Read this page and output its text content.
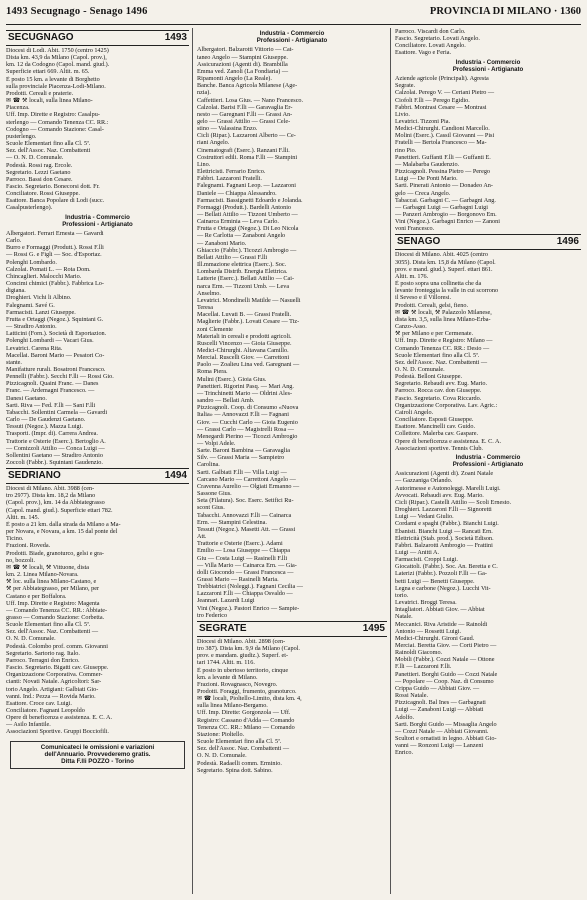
1493 Secugnago - Senago 1496	PROVINCIA DI MILANO · 1360
SECUGNAGO	1493
Diocesi di Lodi. Abit. 1750 (centro 1425)
Dista km. 43,9 da Milano (Capol. prov.),
km. 12 da Codogno (Capol. mand. giud.).
Superficie ettari 669. Altit. m. 65.
È posto 15 km. a levante di Borghetto
sulla provinciale Piacenza-Lodi-Milano.
Prodotti. Cereali e praterie.
✉ ☎ ⚒ locali, sulla linea Milano-
Piacenza.
Uff. Imp. Dirette e Registro: Casalpu-
sterlengo — Comando Tenenza CC. RR.:
Codogno — Comando Stazione: Casal-
pusterlengo.
Scuole Elementari fino alla Cl. 5ª.
Sez. dell'Assoc. Naz. Combattenti
— O. N. D. Comunale.
Podestà. Rossi rag. Ercole.
Segretario. Lezzi Gaetano
Parroco. Bassi don Cesare.
Fascio. Segretario. Bonecorsi dott. Fr.
Conciliatore. Rossi Giuseppe.
Esattore. Banca Popolare di Lodi (succ.
Casalpusterlengo).
Industria - Commercio
Professioni - Artigianato
Albergatori. Ferrari Ernesta — Gavardi
Carlo.
Burro e Formaggi (Produtt.). Rossi F.lli
— Rossi G. e Figli — Soc. d'Esportaz.
Polenghi Lombardo.
Calzolai. Pomati L. — Rota Dom.
Chincaglieri. Malocchi Mario.
Concimi chimici (Fabbr.). Fabbrica Lo-
digiana.
Droghieri. Vichi li Albino.
Falegnami. Savé G.
Farmacisti. Lanzi Giuseppe.
Frutta e Ortaggi (Negoz.). Squintani G.
— Stradiro Antonio.
Latticini (Forn.). Società di Esportazion.
Polenghi Lombardi — Vacari Gius.
Levatrici. Carena Rita.
Macellai. Baroni Mario — Pesatori Co-
stante.
Manifatture rurali. Bosatroni Francesco.
Pennelli (Fabbr.). Secchi F.lli — Rossi Gio.
Pizzicagnoli. Quaini Franc. — Danes
Franc. — Ardemagni Francesco. —
Danesi Gaetano.
Sarti. Riva — Fed. F.lli — Sani F.lli
Tabacchi. Sollentini Carmela — Gavardi
Carlo — De Gaudenzi Gaetano.
Tessuti (Negoz.). Mazza Luigi.
Trasporti. (Impr. di). Carrera Andrea.
Trattorie e Osterie (Eserc.). Bertoglio A.
— Comizzoli Attilio — Conca Luigi —
Sollentini Gaetano — Stradiro Antonio
Zoccoli (Fabbr.). Squintani Gaudenzio.
SEDRIANO	1494
Diocesi di Milano. Abit. 3988 (cen-
tro 2977). Dista km. 18,2 da Milano
(Capol. prov.), km. 14 da Abbiategrasso
(Capol. mand. giud.). Superficie ettari 782.
Altit. m. 145.
È posto a 21 km. dalla strada da Milano a Ma-
per Novara, e Novara, a km. 15 dal ponte del
Ticino.
Frazioni. Roveda.
Prodotti. Biade, granoturco, gelsi e gra-
no, bozzoli.
✉ ☎ ⚒ locali, ⚒ Vittuone, dista
km. 2. Linea Milano-Novara.
⚒ loc. sulla linea Milano-Castano, e
⚒ per Abbiategrasso, per Milano, per
Castano e per Boffalora.
Uff. Imp. Dirette e Registro: Magenta
— Comando Tenenza CC. RR.: Abbiate-
grasso — Comando Stazione: Corbetta.
Scuole Elementari fino alla Cl. 5ª.
Sez. dell'Assoc. Naz. Combattenti —
O. N. D. Comunale.
Podestà. Colombo prof. comm. Giovanni
Segretario. Sartorio rag. Italo.
Parroco. Terragni don Enrico.
Fascio. Segretario. Bigatti cav. Giuseppe.
Organizzazione Corporativa. Commer-
cianti: Novati Natale. Agricoltori: Sar-
torio Angelo. Artigiani: Galbiati Gio-
vanni. Ind.: Pezza — Rovida Mario.
Esattore. Croce cav. Luigi.
Conciliatore. Fagnani Leopoldo
Opere di beneficenza e assistenza. E. C. A.
— Asilo Infantile.
Associazioni Sportive. Gruppi Bocciofili.
Comunicateci le omissioni e variazioni
dell'Annuario. Provvederemo gratis.
Ditta F.lli POZZO - Torino
Industria - Commercio
Professioni - Artigianato
Albergatori. Balzarotti Vittorio — Cat-
taneo Angelo — Stampini Giuseppe.
Assicurazioni (Agenti di). Brambilla
Emma ved. Zanoli (La Fondiaria) —
Ripamonti Angelo (La Reale).
Banche. Banca Agricola Milanese (Age-
nzia).
Caffettieri. Losa Gius. — Nano Francesco.
Calzolai. Barisi F.lli — Garavaglia Er-
nesto — Garegnani F.lli — Grassi An-
gelo — Grassi Attilio — Grassi Cele-
stino — Valassina Enzo.
Cicli (Ripar.). Lazzaroni Alberto — Ce-
riani Angelo.
Cinematografi (Eserc.). Ranzani F.lli.
Costruttori edili. Roma F.lli — Stampini
Lino.
Elettricisti. Ferrario Enrico.
Fabbri. Lazzaroni Fratelli.
Falegnami. Fagnani Leop. — Lazzaroni
Daniele — Chiappa Alessandro.
Farmacisti. Bassignetti Edoardo e Jolanda.
Formaggi (Produtt.). Bardelli Antonio
— Bellati Attilio — Tizzoni Umberto —
Cainarca Erminia — Leva Carlo.
Frutta e Ortaggi (Negoz.). Di Leo Nicola
— Re Carlotta — Zanaboni Angelo
— Zanaboni Mario.
Ghiaccio (Fabbr.). Ticozzi Ambrogio —
Bellati Attilio — Grassi F.lli
Ill.mmazione elettrica (Eserc.). Soc.
Lombarda Distrib. Energia Elettrica.
Latterie (Eserc.). Bellati Attilio — Cai-
narca Erm. — Tizzoni Umb. — Leva
Anselmo.
Levatrici. Mondinelli Matilde — Nasuelli
Teresa
Macellai. Luvati B. — Grassi Fratelli.
Maglierie (Fabbr.). Lovati Cesare — Tiz-
zoni Clemente
Materiali in cereali e prodotti agricoli.
Ruscelli Vincenzo — Gioia Giuseppe.
Medici-Chirurghi. Altavana Camillo.
Mercial. Ruscelli Giov. — Carrettoni
Paolo — Zoalieu Lina ved. Garegnani —
Roma Piera.
Mulini (Eserc.). Gioia Gius.
Panettieri. Rigorini Pasq. — Mari Ang.
— Trinchinetti Mario — Oldrini Ales-
sandro — Bellati Amb.
Pizzicagnoli. Coop. di Consumo «Nuova
Italia» — Annovazzi F.lli — Fagnani
Giov. — Cucchi Carlo — Gioia Eugenio
— Grassi Carlo — Magistrelli Rosa —
Menegardi Pierino — Ticozzi Ambrogio
— Volpi Adele.
Sarte. Baroni Bambina — Garavaglia
Silv. — Grassi Maria — Sampietro
Carolina.
Sarti. Galbiati F.lli — Villa Luigi —
Carcano Mario — Carrettoni Angelo —
Cravenna Aurelio — Olgiati Ermanno —
Sassone Gius.
Seta (Filatura). Soc. Eserc. Setifici Ru-
scont Gius.
Tabacchi. Annovazzi F.lli — Cainarca
Erm. — Stampini Celestina.
Tessuti (Negoz.). Masetti Att. — Grassi
Att.
Trattorie e Osterie (Eserc.). Adami
Emilio — Losa Giuseppe — Chiappa
Giu — Costa Luigi — Rasinelli F.lli
— Villa Mario — Cainarca Ern. — Gia-
dolli Giocondo — Grassi Francesca —
Grassi Mario — Rasinelli Maria.
Trebbiatrici (Noleggi.). Fagnani Cecilia —
Lazzaroni F.lli — Chiappa Osvaldo —
Jeannari. Lazardi Luigi
Vini (Negoz.). Pastori Enrico — Sampie-
tro Federico
SEGRATE	1495
Diocesi di Milano. Abit. 2898 (cen-
tro 387). Dista km. 9,9 da Milano (Capol.
prov. e mandam. giudiz.). Superf. et-
tari 1744. Altit. m. 116.
È posto in ubertoso territorio, cinque
km. a levante di Milano.
Frazioni. Rovagnasco, Novegro.
Prodotti. Foraggi, frumento, granoturco.
✉ ☎ locali, Pioltello-Limito, dista km. 4,
sulla linea Milano-Bergamo.
Uff. Imp. Dirette: Gorgonzola — Uff.
Registro: Cassano d'Adda — Comando
Tenenza CC. RR.: Milano — Comando
Stazione: Pioltello.
Scuole Elementari fino alla Cl. 5ª.
Sez. dell'Assoc. Naz. Combattenti —
O. N. D. Comunale.
Podestà. Radaelli comm. Erminio.
Segretario. Spina dott. Sabino.
Parroco. Viscardi don Carlo.
Fascio. Segretario. Lovati Angelo.
Conciliatore. Lovati Angelo.
Esattore. Vago e Feria.
Industria - Commercio
Professioni - Artigianato
Aziende agricole (Principali). Agresta
Segrate.
Calzolai. Perego V. — Ceriani Pietro —
Ciofoli F.lli — Perego Egidio.
Fabbri. Montrasi Cesare — Montrasi
Livio.
Levatrici. Tizzoni Pia.
Medici-Chirurghi. Candioni Marcello.
Molini (Eserc.). Cassil Giovanni — Pisi
Fratelli — Bertola Francesco — Ma-
rino Pio.
Panettieri. Guffanti F.lli — Guffanti E.
— Malabarba Gaudenzio.
Pizzicagnoli. Pessina Pietro — Perego
Luigi — De Ponti Mario.
Sarti. Pinerati Antonio — Donadeo An-
gelo — Creca Angelo.
Tabaccai. Garbagni C. — Garbagni Ang.
— Garbagni Luigi — Garbagni Luigi
— Panzeri Ambrogio — Borgonovo Em.
Vini (Negoz.). Garbagni Enrico — Zanoni
voni Francesco.
SENAGO	1496
Diocesi di Milano. Abit. 4025 (centro
3055). Dista km. 15,8 da Milano (Capol.
prov. e mand. giud.). Superf. ettari 861.
Altit. m. 176.
È posto sopra una collinetta che da
levante fronteggia la valle in cui scorrono
il Seveso e il Villoresi.
Prodotti. Cereali, gelsi, fieno.
✉ ☎ ⚒ locali, ⚒ Palazzolo Milanese,
dista km. 3,5, sulla linea Milano-Erba-
Canzo-Asso.
⚒ per Milano e per Cermenate.
Uff. Imp. Dirette e Registro: Milano —
Comando Tenenza CC. RR.: Desio —
Scuole Elementari fino alla Cl. 5ª.
Sez. dell'Assoc. Naz. Combattenti —
O. N. D. Comunale.
Podestà. Belloni Giuseppe.
Segretario. Rebaudi avv. Eug. Mario.
Parroco. Rocca cav. don Giuseppe.
Fascio. Segretario. Cova Riccardo.
Organizzazione Corporativa. Lav. Agric.:
Cairoli Angelo.
Conciliatore. Esposti Giuseppe.
Esattore. Mancinelli cav. Guido.
Collettore. Malerba cav. Gaspare.
Opere di beneficenza e assistenza. E. C. A.
Associazioni sportive. Tennis Club.
Industria - Commercio
Professioni - Artigianato
Assicurazioni (Agenti di). Zoani Natale
— Gazzaniga Orlando.
Autorimesse e Autonoleggi. Marelli Luigi.
Avvocati. Rebaudi avv. Eug. Mario.
Cicli (Ripar.). Castelli Attilio — Scoli Ernesto.
Droghieri. Lazzaroni F.lli — Signoretti
Luigi — Vedani Giulio.
Cordami e spaghi (Fabbr.). Bianchi Luigi.
Ebanisti. Bianchi Luigi — Rancati Ern.
Elettricità (Stab. prod.). Società Edison.
Fabbri. Balzarotti Ambrogio — Frattini
Luigi — Anitti A.
Farmacisti. Croppi Luigi.
Giocattoli. (Fabbr.). Soc. An. Beretta e C.
Laterizi (Fabbr.). Pozzoli F.lli — Ga-
betti Luigi — Benetti Giuseppe.
Legna e carbone (Negoz.). Lucchi Vit-
torio.
Levatrici. Broggi Teresa.
Intagliatori. Abbiati Giov. — Abbiat
Natale.
Meccanici. Riva Aristide — Rainoldi
Antonio — Rossetti Luigi.
Medici-Chirurghi. Gironi Gaud.
Merciai. Beretta Giov. — Corti Pietro —
Rainoldi Giacomo.
Mobili (Fabbr.). Cozzi Natale — Ottone
F.lli — Lazzaroni F.lli.
Panettieri. Borghi Guido — Cozzi Natale
— Popolare — Coop. Naz. di Consumo
Crippa Guido — Abbiati Giov. —
Rossi Natale.
Pizzicagnoli. Bal Ines — Garbagnati
Luigi — Zanaboni Luigi — Abbiati
Adolfo.
Sarti. Borghi Guido — Missaglia Angelo
— Cozzi Natale — Abbiati Giovanni.
Scultori e ornatisti in legno. Abbiati Gio-
vanni — Ronzoni Luigi — Lanzeni
Enrico.
